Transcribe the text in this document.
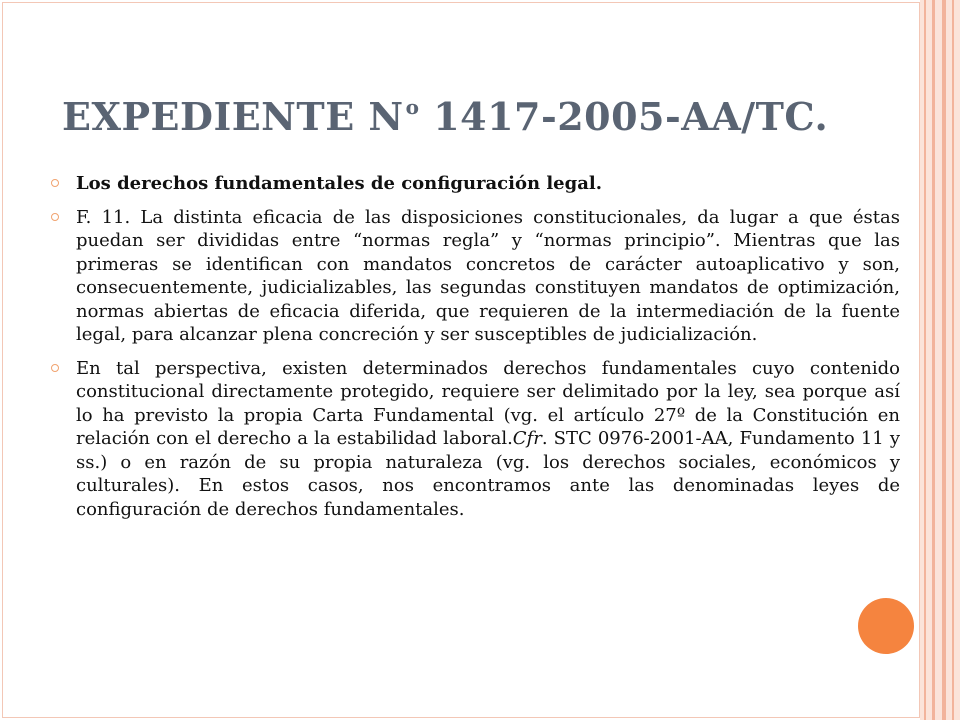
EXPEDIENTE N $^o$ 1417-2005-AA/TC.
Los derechos fundamentales de configuración legal.
F. 11. La distinta eficacia de las disposiciones constitucionales, da lugar a que éstas puedan ser divididas entre “normas regla” y “normas principio”. Mientras que las primeras se identifican con mandatos concretos de carácter autoaplicativo y son, consecuentemente, judicializables, las segundas constituyen mandatos de optimización, normas abiertas de eficacia diferida, que requieren de la intermediación de la fuente legal, para alcanzar plena concreción y ser susceptibles de judicialización.
En tal perspectiva, existen determinados derechos fundamentales cuyo contenido constitucional directamente protegido, requiere ser delimitado por la ley, sea porque así lo ha previsto la propia Carta Fundamental (vg. el artículo 27º de la Constitución en relación con el derecho a la estabilidad laboral.Cfr. STC 0976-2001-AA, Fundamento 11 y ss.) o en razón de su propia naturaleza (vg. los derechos sociales, económicos y culturales). En estos casos, nos encontramos ante las denominadas leyes de configuración de derechos fundamentales.
